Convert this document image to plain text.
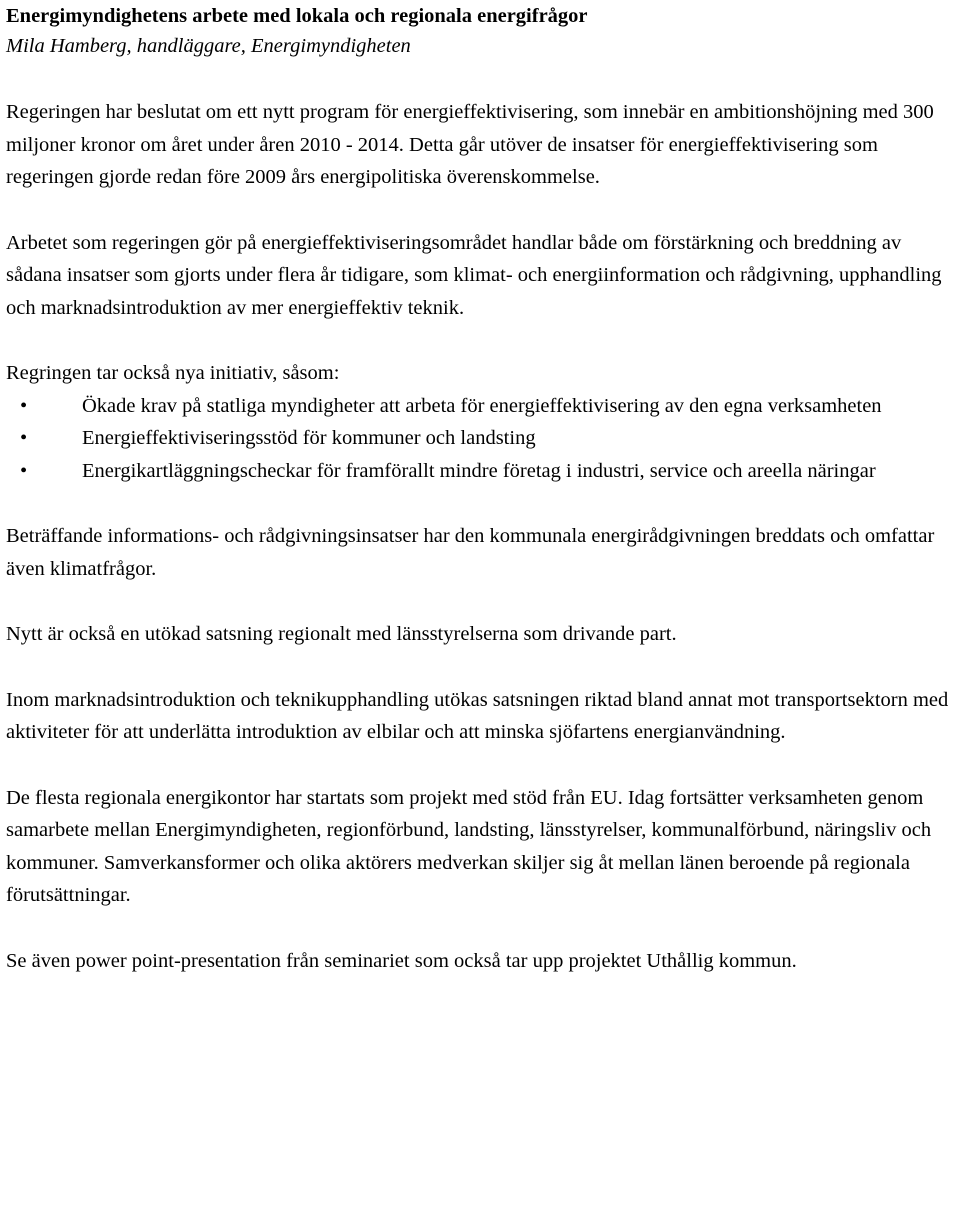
Energimyndighetens arbete med lokala och regionala energifrågor
Mila Hamberg, handläggare, Energimyndigheten

Regeringen har beslutat om ett nytt program för energieffektivisering, som innebär en ambitionshöjning med 300 miljoner kronor om året under åren 2010 - 2014. Detta går utöver de insatser för energieffektivisering som regeringen gjorde redan före 2009 års energipolitiska överenskommelse.

Arbetet som regeringen gör på energieffektiviseringsområdet handlar både om förstärkning och breddning av sådana insatser som gjorts under flera år tidigare, som klimat- och energiinformation och rådgivning, upphandling och marknadsintroduktion av mer energieffektiv teknik.

Regringen tar också nya initiativ, såsom:
•	Ökade krav på statliga myndigheter att arbeta för energieffektivisering av den egna verksamheten
•	Energieffektiviseringsstöd för kommuner och landsting
•	Energikartläggningscheckar för framförallt mindre företag i industri, service och areella näringar

Beträffande informations- och rådgivningsinsatser har den kommunala energirådgivningen breddats och omfattar även klimatfrågor.

Nytt är också en utökad satsning regionalt med länsstyrelserna som drivande part.

Inom marknadsintroduktion och teknikupphandling utökas satsningen riktad bland annat mot transportsektorn med aktiviteter för att underlätta introduktion av elbilar och att minska sjöfartens energianvändning.

De flesta regionala energikontor har startats som projekt med stöd från EU. Idag fortsätter verksamheten genom samarbete mellan Energimyndigheten, regionförbund, landsting, länsstyrelser, kommunalförbund, näringsliv och kommuner. Samverkansformer och olika aktörers medverkan skiljer sig åt mellan länen beroende på regionala förutsättningar.

Se även power point-presentation från seminariet som också tar upp projektet Uthållig kommun.
